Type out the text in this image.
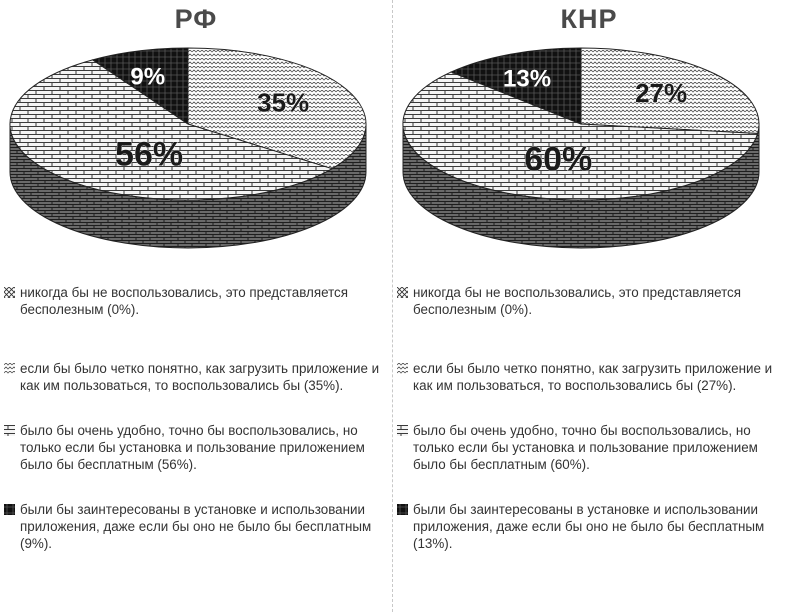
РФ
35%
56%
9%
никогда бы не воспользовались, это представляется бесполезным (0%).
если бы было четко понятно, как загрузить приложение и как им пользоваться, то воспользовались бы (35%).
было бы очень удобно, точно бы воспользовались, но только если бы установка и пользование приложением было бы бесплатным (56%).
были бы заинтересованы в установке и использовании приложения, даже если бы оно не было бы бесплатным (9%).
КНР
27%
60%
13%
никогда бы не воспользовались, это представляется бесполезным (0%).
если бы было четко понятно, как загрузить приложение и как им пользоваться, то воспользовались бы (27%).
было бы очень удобно, точно бы воспользовались, но только если бы установка и пользование приложением было бы бесплатным (60%).
были бы заинтересованы в установке и использовании приложения, даже если бы оно не было бы бесплатным (13%).
